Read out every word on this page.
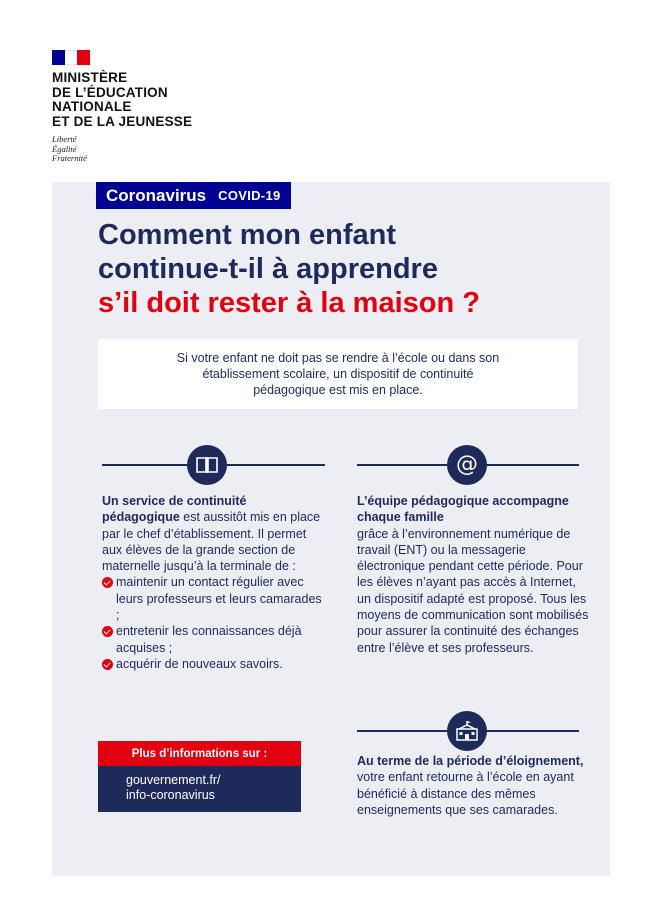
MINISTÈRE
DE L’ÉDUCATION
NATIONALE
ET DE LA JEUNESSE
Liberté
Égalité
Fraternité
Coronavirus COVID-19
Comment mon enfant
continue-t-il à apprendre
s’il doit rester à la maison ?

Si votre enfant ne doit pas se rendre à l’école ou dans son établissement scolaire, un dispositif de continuité pédagogique est mis en place.

@

Un service de continuité pédagogique est aussitôt mis en place par le chef d’établissement. Il permet aux élèves de la grande section de maternelle jusqu’à la terminale de :

maintenir un contact régulier avec leurs professeurs et leurs camarades ;
entretenir les connaissances déjà acquises ;
acquérir de nouveaux savoirs.

L’équipe pédagogique accompagne chaque famille

grâce à l’environnement numérique de travail (ENT) ou la messagerie électronique pendant cette période. Pour les élèves n’ayant pas accès à Internet, un dispositif adapté est proposé. Tous les moyens de communication sont mobilisés pour assurer la continuité des échanges entre l’élève et ses professeurs.

Au terme de la période d’éloignement,

votre enfant retourne à l’école en ayant bénéficié à distance des mêmes enseignements que ses camarades.

Plus d’informations sur :
gouvernement.fr/
info-coronavirus
